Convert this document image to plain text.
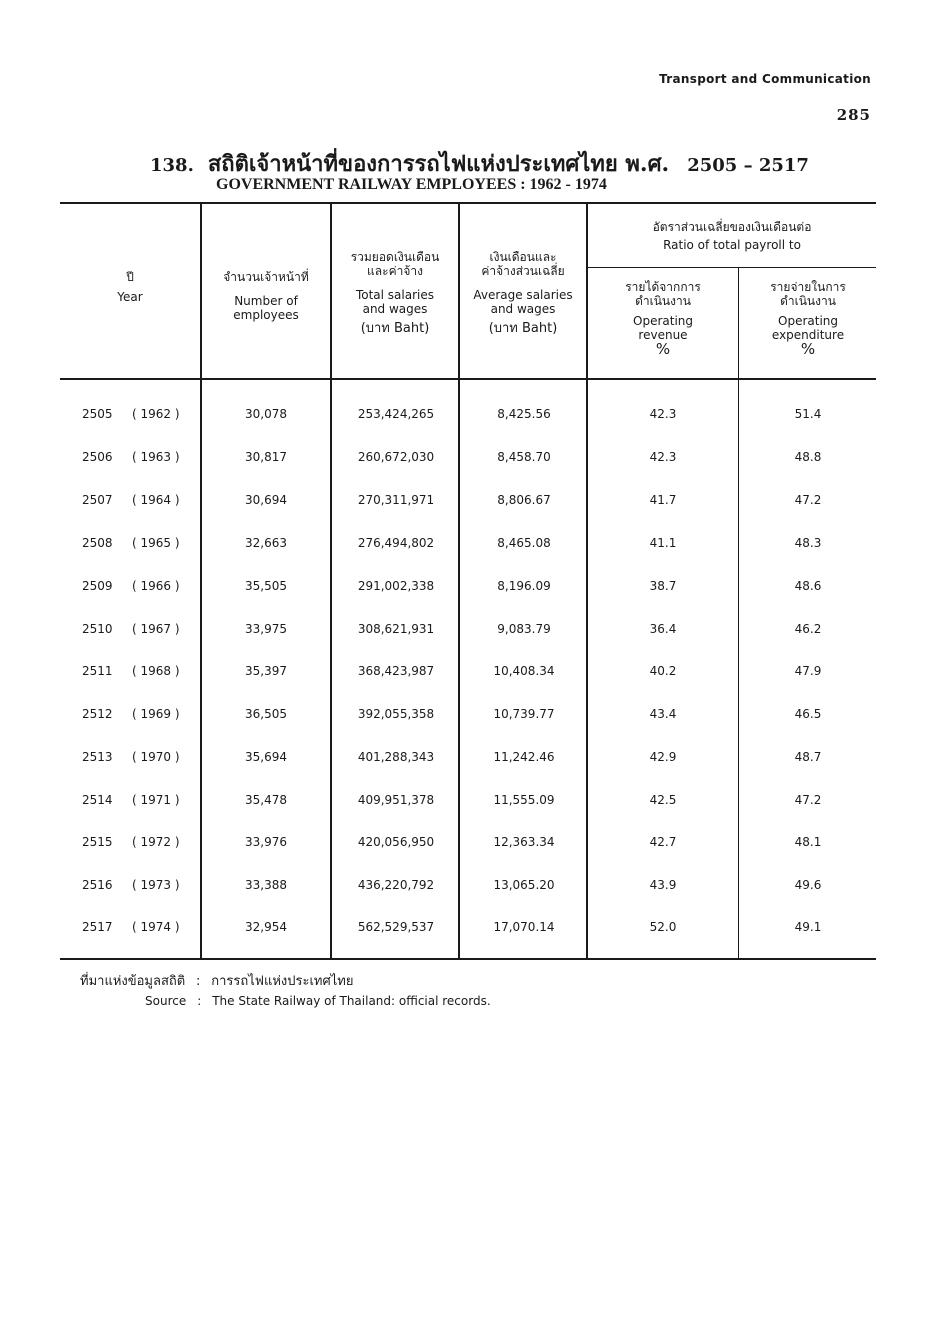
Transport and Communication
285
138. สถิติเจ้าหน้าที่ของการรถไฟแห่งประเทศไทย พ.ศ. 2505 – 2517
GOVERNMENT RAILWAY EMPLOYEES : 1962 - 1974
ปี
Year
จำนวนเจ้าหน้าที่
Number of
employees
รวมยอดเงินเดือน
และค่าจ้าง
Total salaries
and wages
(บาท Baht)
เงินเดือนและ
ค่าจ้างส่วนเฉลี่ย
Average salaries
and wages
(บาท Baht)
อัตราส่วนเฉลี่ยของเงินเดือนต่อ
Ratio of total payroll to
รายได้จากการ
ดำเนินงาน
Operating
revenue
%
รายจ่ายในการ
ดำเนินงาน
Operating
expenditure
%
2505 ( 1962 )	30,078	253,424,265	8,425.56	42.3	51.4
2506 ( 1963 )	30,817	260,672,030	8,458.70	42.3	48.8
2507 ( 1964 )	30,694	270,311,971	8,806.67	41.7	47.2
2508 ( 1965 )	32,663	276,494,802	8,465.08	41.1	48.3
2509 ( 1966 )	35,505	291,002,338	8,196.09	38.7	48.6
2510 ( 1967 )	33,975	308,621,931	9,083.79	36.4	46.2
2511 ( 1968 )	35,397	368,423,987	10,408.34	40.2	47.9
2512 ( 1969 )	36,505	392,055,358	10,739.77	43.4	46.5
2513 ( 1970 )	35,694	401,288,343	11,242.46	42.9	48.7
2514 ( 1971 )	35,478	409,951,378	11,555.09	42.5	47.2
2515 ( 1972 )	33,976	420,056,950	12,363.34	42.7	48.1
2516 ( 1973 )	33,388	436,220,792	13,065.20	43.9	49.6
2517 ( 1974 )	32,954	562,529,537	17,070.14	52.0	49.1
ที่มาแห่งข้อมูลสถิติ : การรถไฟแห่งประเทศไทย
Source : The State Railway of Thailand: official records.
